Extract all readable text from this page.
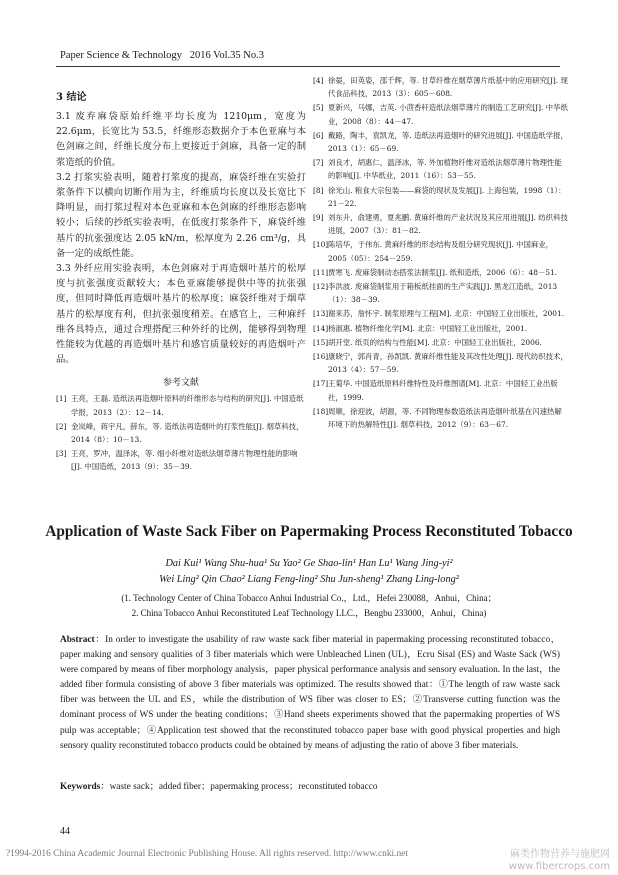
Paper Science & Technology 2016 Vol.35 No.3
3 结论

3.1 废弃麻袋原始纤维平均长度为 1210μm，宽度为 22.6μm，长宽比为 53.5，纤维形态数据介于本色亚麻与本色剑麻之间，纤维长度分布上更接近于剑麻，具备一定的制浆造纸的价值。

3.2 打浆实验表明，随着打浆度的提高，麻袋纤维在实验打浆条件下以横向切断作用为主，纤维质均长度以及长宽比下降明显，而打浆过程对本色亚麻和本色剑麻的纤维形态影响较小；后续的抄纸实验表明，在低度打浆条件下，麻袋纤维基片的抗张强度达 2.05 kN/m，松厚度为 2.26 cm³/g，具备一定的成纸性能。

3.3 外纤应用实验表明，本色剑麻对于再造烟叶基片的松厚度与抗张强度贡献较大；本色亚麻能够提供中等的抗张强度，但同时降低再造烟叶基片的松厚度；麻袋纤维对于烟草基片的松厚度有利，但抗张强度稍差。在感官上，三种麻纤维各具特点，通过合理搭配三种外纤的比例，能够得到物理性能较为优越的再造烟叶基片和感官质量较好的再造烟叶产品。

参考文献
[1] 王亮，王磊. 造纸法再造烟叶原料的纤维形态与结构的研究[J]. 中国造纸学报，2013（2）：12－14.
[2] 金岚峰，蒋宇凡，薛东，等. 造纸法再造烟叶的打浆性能[J]. 烟草科技，2014（8）：10－13.
[3] 王亮，罗冲，温泽冰，等. 细小纤维对造纸法烟草薄片物理性能的影响[J]. 中国造纸，2013（9）：35－39.
[4] 徐晏，田英姿，邵千辉，等. 甘草纤维在烟草薄片纸基中的应用研究[J]. 现代食品科技，2013（3）：605－608.
[5] 夏新兴，马娜，吉英. 小茴香秆造纸法烟草薄片的制造工艺研究[J]. 中华纸业，2008（8）：44－47.
[6] 戴路，陶丰，袁凯龙，等. 造纸法再造烟叶的研究进展[J]. 中国造纸学报，2013（1）：65－69.
[7] 刘良才，胡惠仁，温泽冰，等. 外加植物纤维对造纸法烟草薄片物理性能的影响[J]. 中华纸业，2011（16）：53－55.
[8] 徐光山. 粮食大宗包装——麻袋的现状及发展[J]. 上海包装，1998（1）：21－22.
[9] 刘东升，俞建勇，夏兆鹏. 黄麻纤维的产业状况及其应用进展[J]. 纺织科技进展，2007（3）：81－82.
[10] 陈培华，于伟东. 黄麻纤维的形态结构及组分研究现状[J]. 中国麻业，2005（05）：254－259.
[11] 贾寒飞. 废麻袋制动态搭浆法制浆[J]. 纸和造纸，2006（6）：48－51.
[12] 李洪波. 废麻袋制浆用于箱板纸挂面的生产实践[J]. 黑龙江造纸，2013（1）：38－39.
[13] 谢来苏，詹怀宇. 制浆原理与工程[M]. 北京：中国轻工业出版社，2001.
[14] 杨淑惠. 植物纤维化学[M]. 北京：中国轻工业出版社，2001.
[15] 胡开堂. 纸页的结构与性能[M]. 北京：中国轻工业出版社，2006.
[16] 康晓宁，郭肖青，孙凯凯. 黄麻纤维性能及其改性处理[J]. 现代纺织技术，2013（4）：57－59.
[17] 王菊华. 中国造纸原料纤维特性及纤维图谱[M]. 北京：中国轻工业出版社，1999.
[18] 周顺，徐迎波，胡源，等. 不同物理参数造纸法再造烟叶纸基在闪速热解环境下的热解特性[J]. 烟草科技，2012（9）：63－67.
Application of Waste Sack Fiber on Papermaking Process Reconstituted Tobacco
Dai Kui¹ Wang Shu-hua¹ Su Yao² Ge Shao-lin¹ Han Lu¹ Wang Jing-yi²
Wei Ling² Qin Chao² Liang Feng-ling² Shu Jun-sheng¹ Zhang Ling-long²
(1. Technology Center of China Tobacco Anhui Industrial Co.，Ltd.，Hefei 230088，Anhui，China；
2. China Tobacco Anhui Reconstituted Leaf Technology LLC.，Bengbu 233000，Anhui，China)
Abstract：In order to investigate the usability of raw waste sack fiber material in papermaking processing reconstituted tobacco，paper making and sensory qualities of 3 fiber materials which were Unbleached Linen (UL)，Ecru Sisal (ES) and Waste Sack (WS) were compared by means of fiber morphology analysis，paper physical performance analysis and sensory evaluation. In the last，the added fiber formula consisting of above 3 fiber materials was optimized. The results showed that：①The length of raw waste sack fiber was between the UL and ES，while the distribution of WS fiber was closer to ES；②Transverse cutting function was the dominant process of WS under the beating conditions；③Hand sheets experiments showed that the papermaking properties of WS pulp was acceptable；④Application test showed that the reconstituted tobacco paper base with good physical properties and high sensory quality reconstituted tobacco products could be obtained by means of adjusting the ratio of above 3 fiber materials.
Keywords：waste sack；added fiber；papermaking process；reconstituted tobacco
44
?1994-2016 China Academic Journal Electronic Publishing House. All rights reserved. http://www.cnki.net	麻类作物营养与施肥网
www.fibercrops.com
